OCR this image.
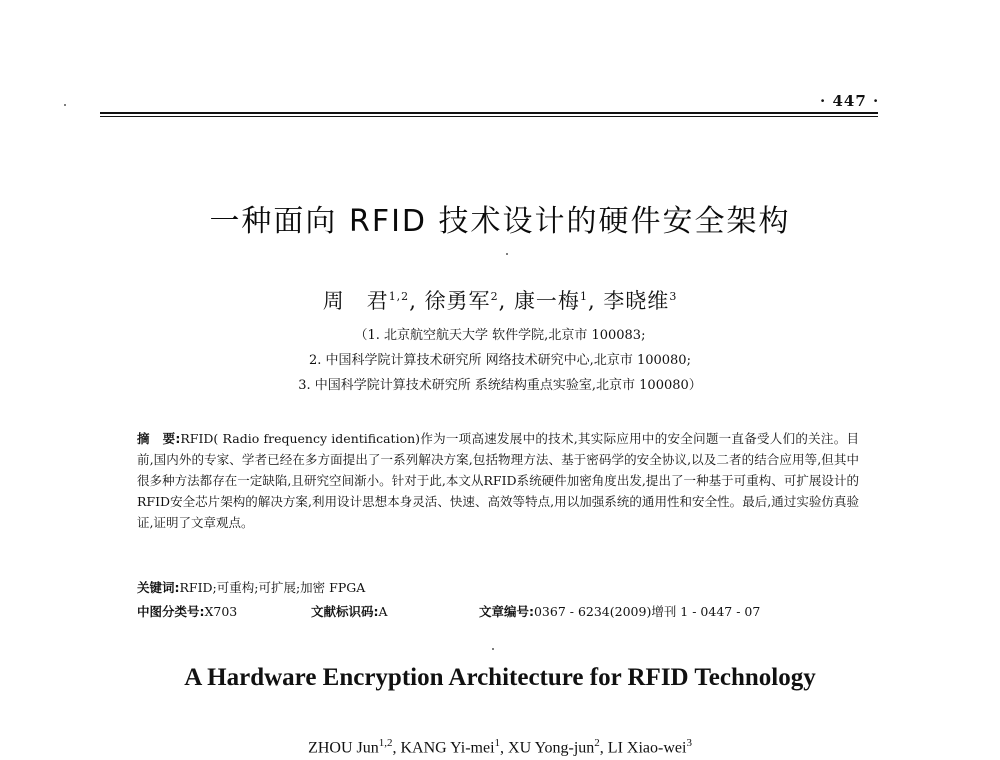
· 447 ·
一种面向 RFID 技术设计的硬件安全架构
周　君$^{1,2}$, 徐勇军$^2$, 康一梅$^1$, 李晓维$^3$
（1. 北京航空航天大学 软件学院,北京市 100083;
2. 中国科学院计算技术研究所 网络技术研究中心,北京市 100080;
3. 中国科学院计算技术研究所 系统结构重点实验室,北京市 100080）
摘　要:RFID( Radio frequency identification)作为一项高速发展中的技术,其实际应用中的安全问题一直备受人们的关注。目前,国内外的专家、学者已经在多方面提出了一系列解决方案,包括物理方法、基于密码学的安全协议,以及二者的结合应用等,但其中很多种方法都存在一定缺陷,且研究空间渐小。针对于此,本文从RFID系统硬件加密角度出发,提出了一种基于可重构、可扩展设计的RFID安全芯片架构的解决方案,利用设计思想本身灵活、快速、高效等特点,用以加强系统的通用性和安全性。最后,通过实验仿真验证,证明了文章观点。
关键词:RFID;可重构;可扩展;加密 FPGA
中图分类号:X703	文献标识码:A	文章编号:0367 - 6234(2009)增刊 1 - 0447 - 07
A Hardware Encryption Architecture for RFID Technology
ZHOU Jun$^{1,2}$, KANG Yi-mei$^1$, XU Yong-jun$^2$, LI Xiao-wei$^3$
